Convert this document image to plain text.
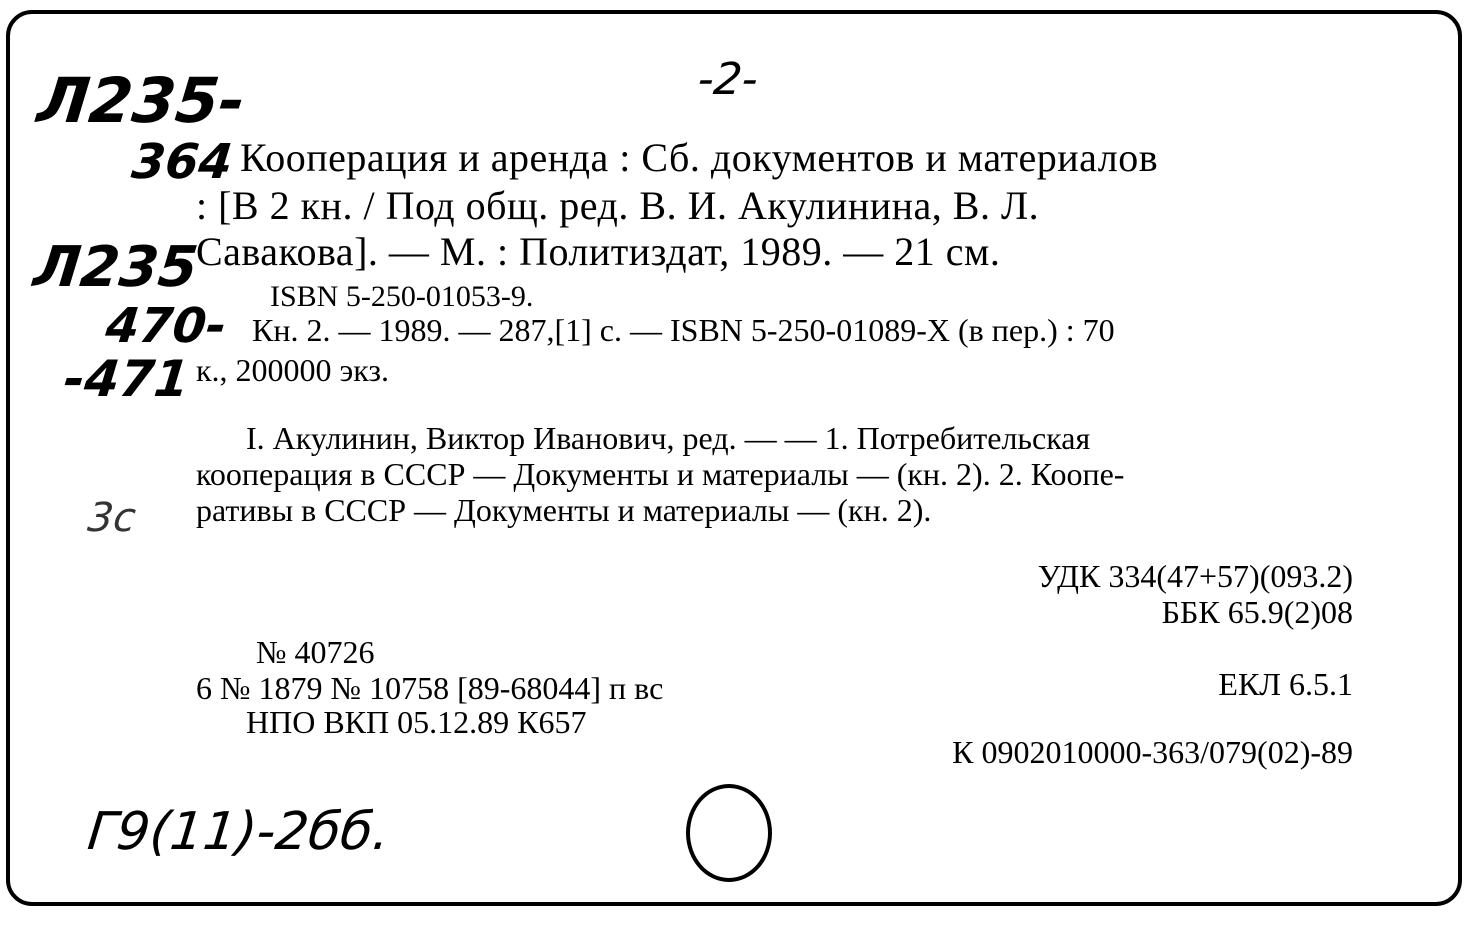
-2-
Л235-
364
Л235
470-
-471
3с
Г9(11)-2бб.
Кооперация и аренда : Сб. документов и материалов
: [В 2 кн. / Под общ. ред. В. И. Акулинина, В. Л.
Савакова]. — М. : Политиздат, 1989. — 21 см.
ISBN 5-250-01053-9.
Кн. 2. — 1989. — 287,[1] с. — ISBN 5-250-01089-X (в пер.) : 70
к., 200000 экз.
I. Акулинин, Виктор Иванович, ред. — — 1. Потребительская
кооперация в СССР — Документы и материалы — (кн. 2). 2. Коопе-
ративы в СССР — Документы и материалы — (кн. 2).
УДК 334(47+57)(093.2)
ББК 65.9(2)08
ЕКЛ 6.5.1
К 0902010000-363/079(02)-89
№ 40726
6 № 1879 № 10758 [89-68044] п вс
НПО ВКП 05.12.89 К657
